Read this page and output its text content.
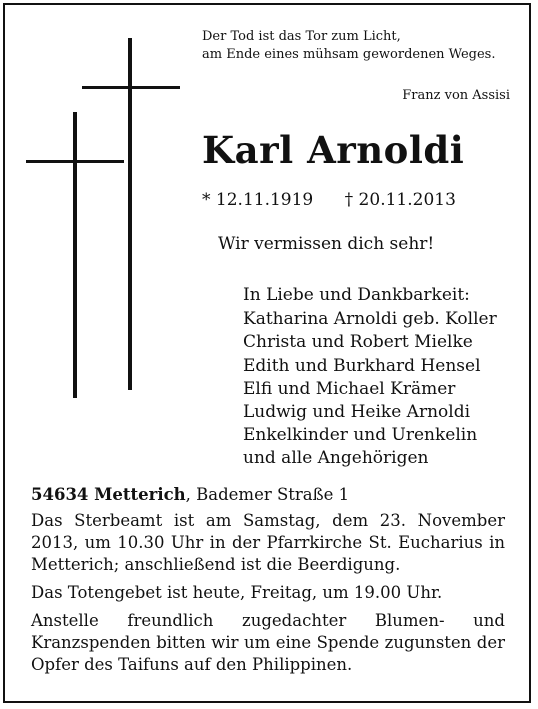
Der Tod ist das Tor zum Licht,
am Ende eines mühsam gewordenen Weges.
Franz von Assisi
Karl Arnoldi
* 12.11.1919 † 20.11.2013
Wir vermissen dich sehr!
In Liebe und Dankbarkeit:
Katharina Arnoldi geb. Koller
Christa und Robert Mielke
Edith und Burkhard Hensel
Elfi und Michael Krämer
Ludwig und Heike Arnoldi
Enkelkinder und Urenkelin
und alle Angehörigen

54634 Metterich, Bademer Straße 1

Das Sterbeamt ist am Samstag, dem 23. November 2013, um 10.30 Uhr in der Pfarrkirche St. Eucharius in Metterich; anschließend ist die Beerdigung.

Das Totengebet ist heute, Freitag, um 19.00 Uhr.

Anstelle freundlich zugedachter Blumen- und Kranzspenden bitten wir um eine Spende zugunsten der Opfer des Taifuns auf den Philippinen.
